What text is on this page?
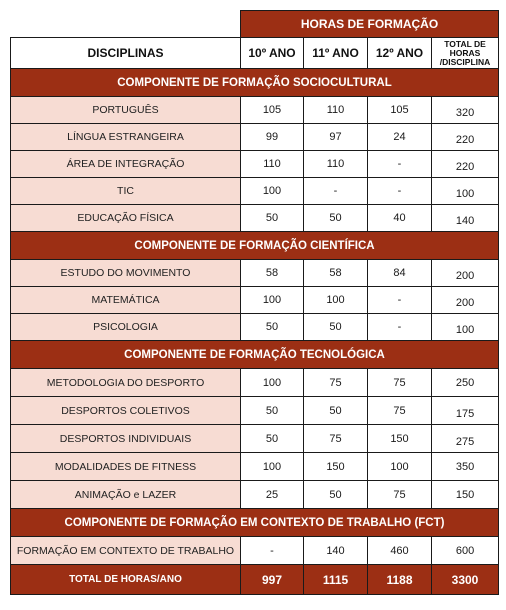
	HORAS DE FORMAÇÃO			
DISCIPLINAS	10º ANO	11º ANO	12º ANO	TOTAL DE HORAS /DISCIPLINA
COMPONENTE DE FORMAÇÃO SOCIOCULTURAL				
PORTUGUÊS	105	110	105	320
LÍNGUA ESTRANGEIRA	99	97	24	220
ÁREA DE INTEGRAÇÃO	110	110	-	220
TIC	100	-	-	100
EDUCAÇÃO FÍSICA	50	50	40	140
COMPONENTE DE FORMAÇÃO CIENTÍFICA				
ESTUDO DO MOVIMENTO	58	58	84	200
MATEMÁTICA	100	100	-	200
PSICOLOGIA	50	50	-	100
COMPONENTE DE FORMAÇÃO TECNOLÓGICA				
METODOLOGIA DO DESPORTO	100	75	75	250
DESPORTOS COLETIVOS	50	50	75	175
DESPORTOS INDIVIDUAIS	50	75	150	275
MODALIDADES DE FITNESS	100	150	100	350
ANIMAÇÃO e LAZER	25	50	75	150
COMPONENTE DE FORMAÇÃO EM CONTEXTO DE TRABALHO (FCT)				
FORMAÇÃO EM CONTEXTO DE TRABALHO	-	140	460	600
TOTAL DE HORAS/ANO	997	1115	1188	3300
